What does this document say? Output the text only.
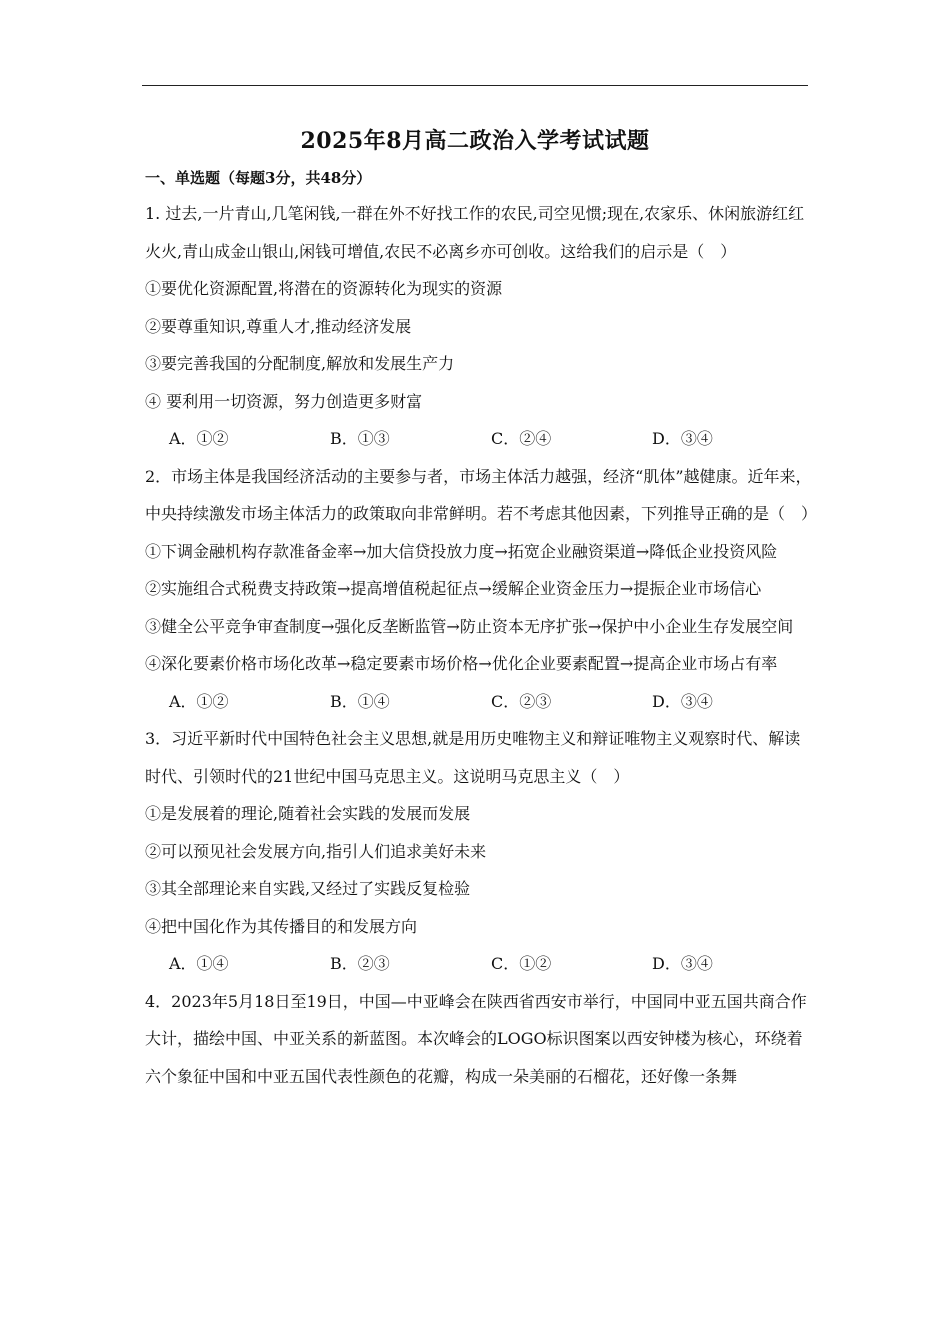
2025年8月高二政治入学考试试题
一、单选题（每题3分，共48分）

1. 过去,一片青山,几笔闲钱,一群在外不好找工作的农民,司空见惯;现在,农家乐、休闲旅游红红火火,青山成金山银山,闲钱可增值,农民不必离乡亦可创收。这给我们的启示是（　）

①要优化资源配置,将潜在的资源转化为现实的资源

②要尊重知识,尊重人才,推动经济发展

③要完善我国的分配制度,解放和发展生产力

④ 要利用一切资源，努力创造更多财富

A．①②	B．①③	C．②④	D．③④

2．市场主体是我国经济活动的主要参与者，市场主体活力越强，经济“肌体”越健康。近年来，中央持续激发市场主体活力的政策取向非常鲜明。若不考虑其他因素，下列推导正确的是（　）

①下调金融机构存款准备金率→加大信贷投放力度→拓宽企业融资渠道→降低企业投资风险

②实施组合式税费支持政策→提高增值税起征点→缓解企业资金压力→提振企业市场信心

③健全公平竞争审查制度→强化反垄断监管→防止资本无序扩张→保护中小企业生存发展空间

④深化要素价格市场化改革→稳定要素市场价格→优化企业要素配置→提高企业市场占有率

A．①②	B．①④	C．②③	D．③④

3．习近平新时代中国特色社会主义思想,就是用历史唯物主义和辩证唯物主义观察时代、解读时代、引领时代的21世纪中国马克思主义。这说明马克思主义（　）

①是发展着的理论,随着社会实践的发展而发展

②可以预见社会发展方向,指引人们追求美好未来

③其全部理论来自实践,又经过了实践反复检验

④把中国化作为其传播目的和发展方向

A．①④	B．②③	C．①②	D．③④

4．2023年5月18日至19日，中国—中亚峰会在陕西省西安市举行，中国同中亚五国共商合作大计，描绘中国、中亚关系的新蓝图。本次峰会的LOGO标识图案以西安钟楼为核心，环绕着六个象征中国和中亚五国代表性颜色的花瓣，构成一朵美丽的石榴花，还好像一条舞
